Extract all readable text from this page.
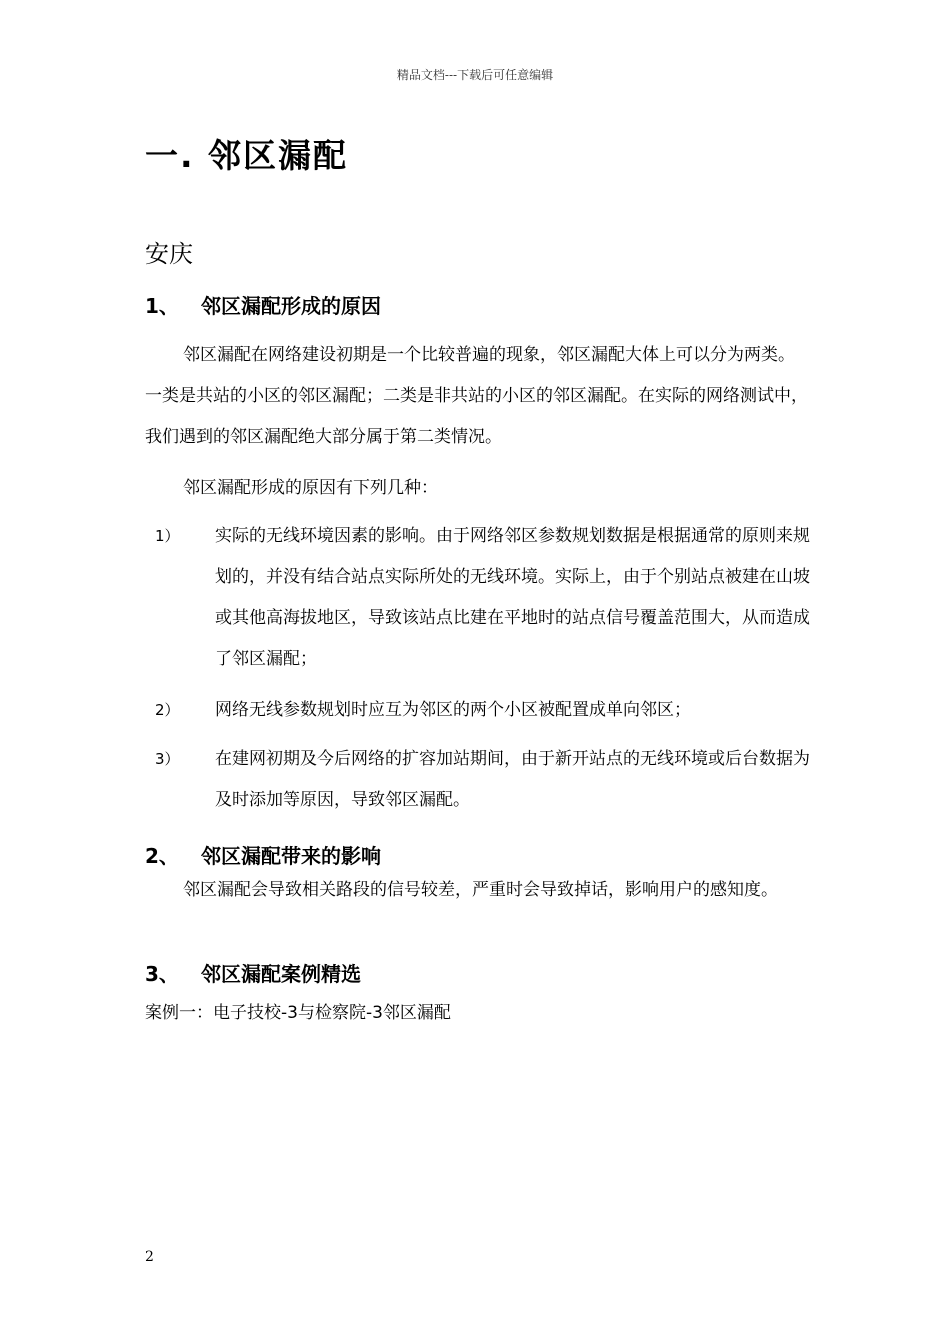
精品文档---下载后可任意编辑
一. 邻区漏配
安庆
1、 邻区漏配形成的原因
邻区漏配在网络建设初期是一个比较普遍的现象，邻区漏配大体上可以分为两类。一类是共站的小区的邻区漏配；二类是非共站的小区的邻区漏配。在实际的网络测试中，我们遇到的邻区漏配绝大部分属于第二类情况。
邻区漏配形成的原因有下列几种：
1）	实际的无线环境因素的影响。由于网络邻区参数规划数据是根据通常的原则来规划的，并没有结合站点实际所处的无线环境。实际上，由于个别站点被建在山坡或其他高海拔地区，导致该站点比建在平地时的站点信号覆盖范围大，从而造成了邻区漏配；
2）	网络无线参数规划时应互为邻区的两个小区被配置成单向邻区；
3）	在建网初期及今后网络的扩容加站期间，由于新开站点的无线环境或后台数据为及时添加等原因，导致邻区漏配。
2、 邻区漏配带来的影响
邻区漏配会导致相关路段的信号较差，严重时会导致掉话，影响用户的感知度。
3、 邻区漏配案例精选
案例一：电子技校-3与检察院-3邻区漏配
2
